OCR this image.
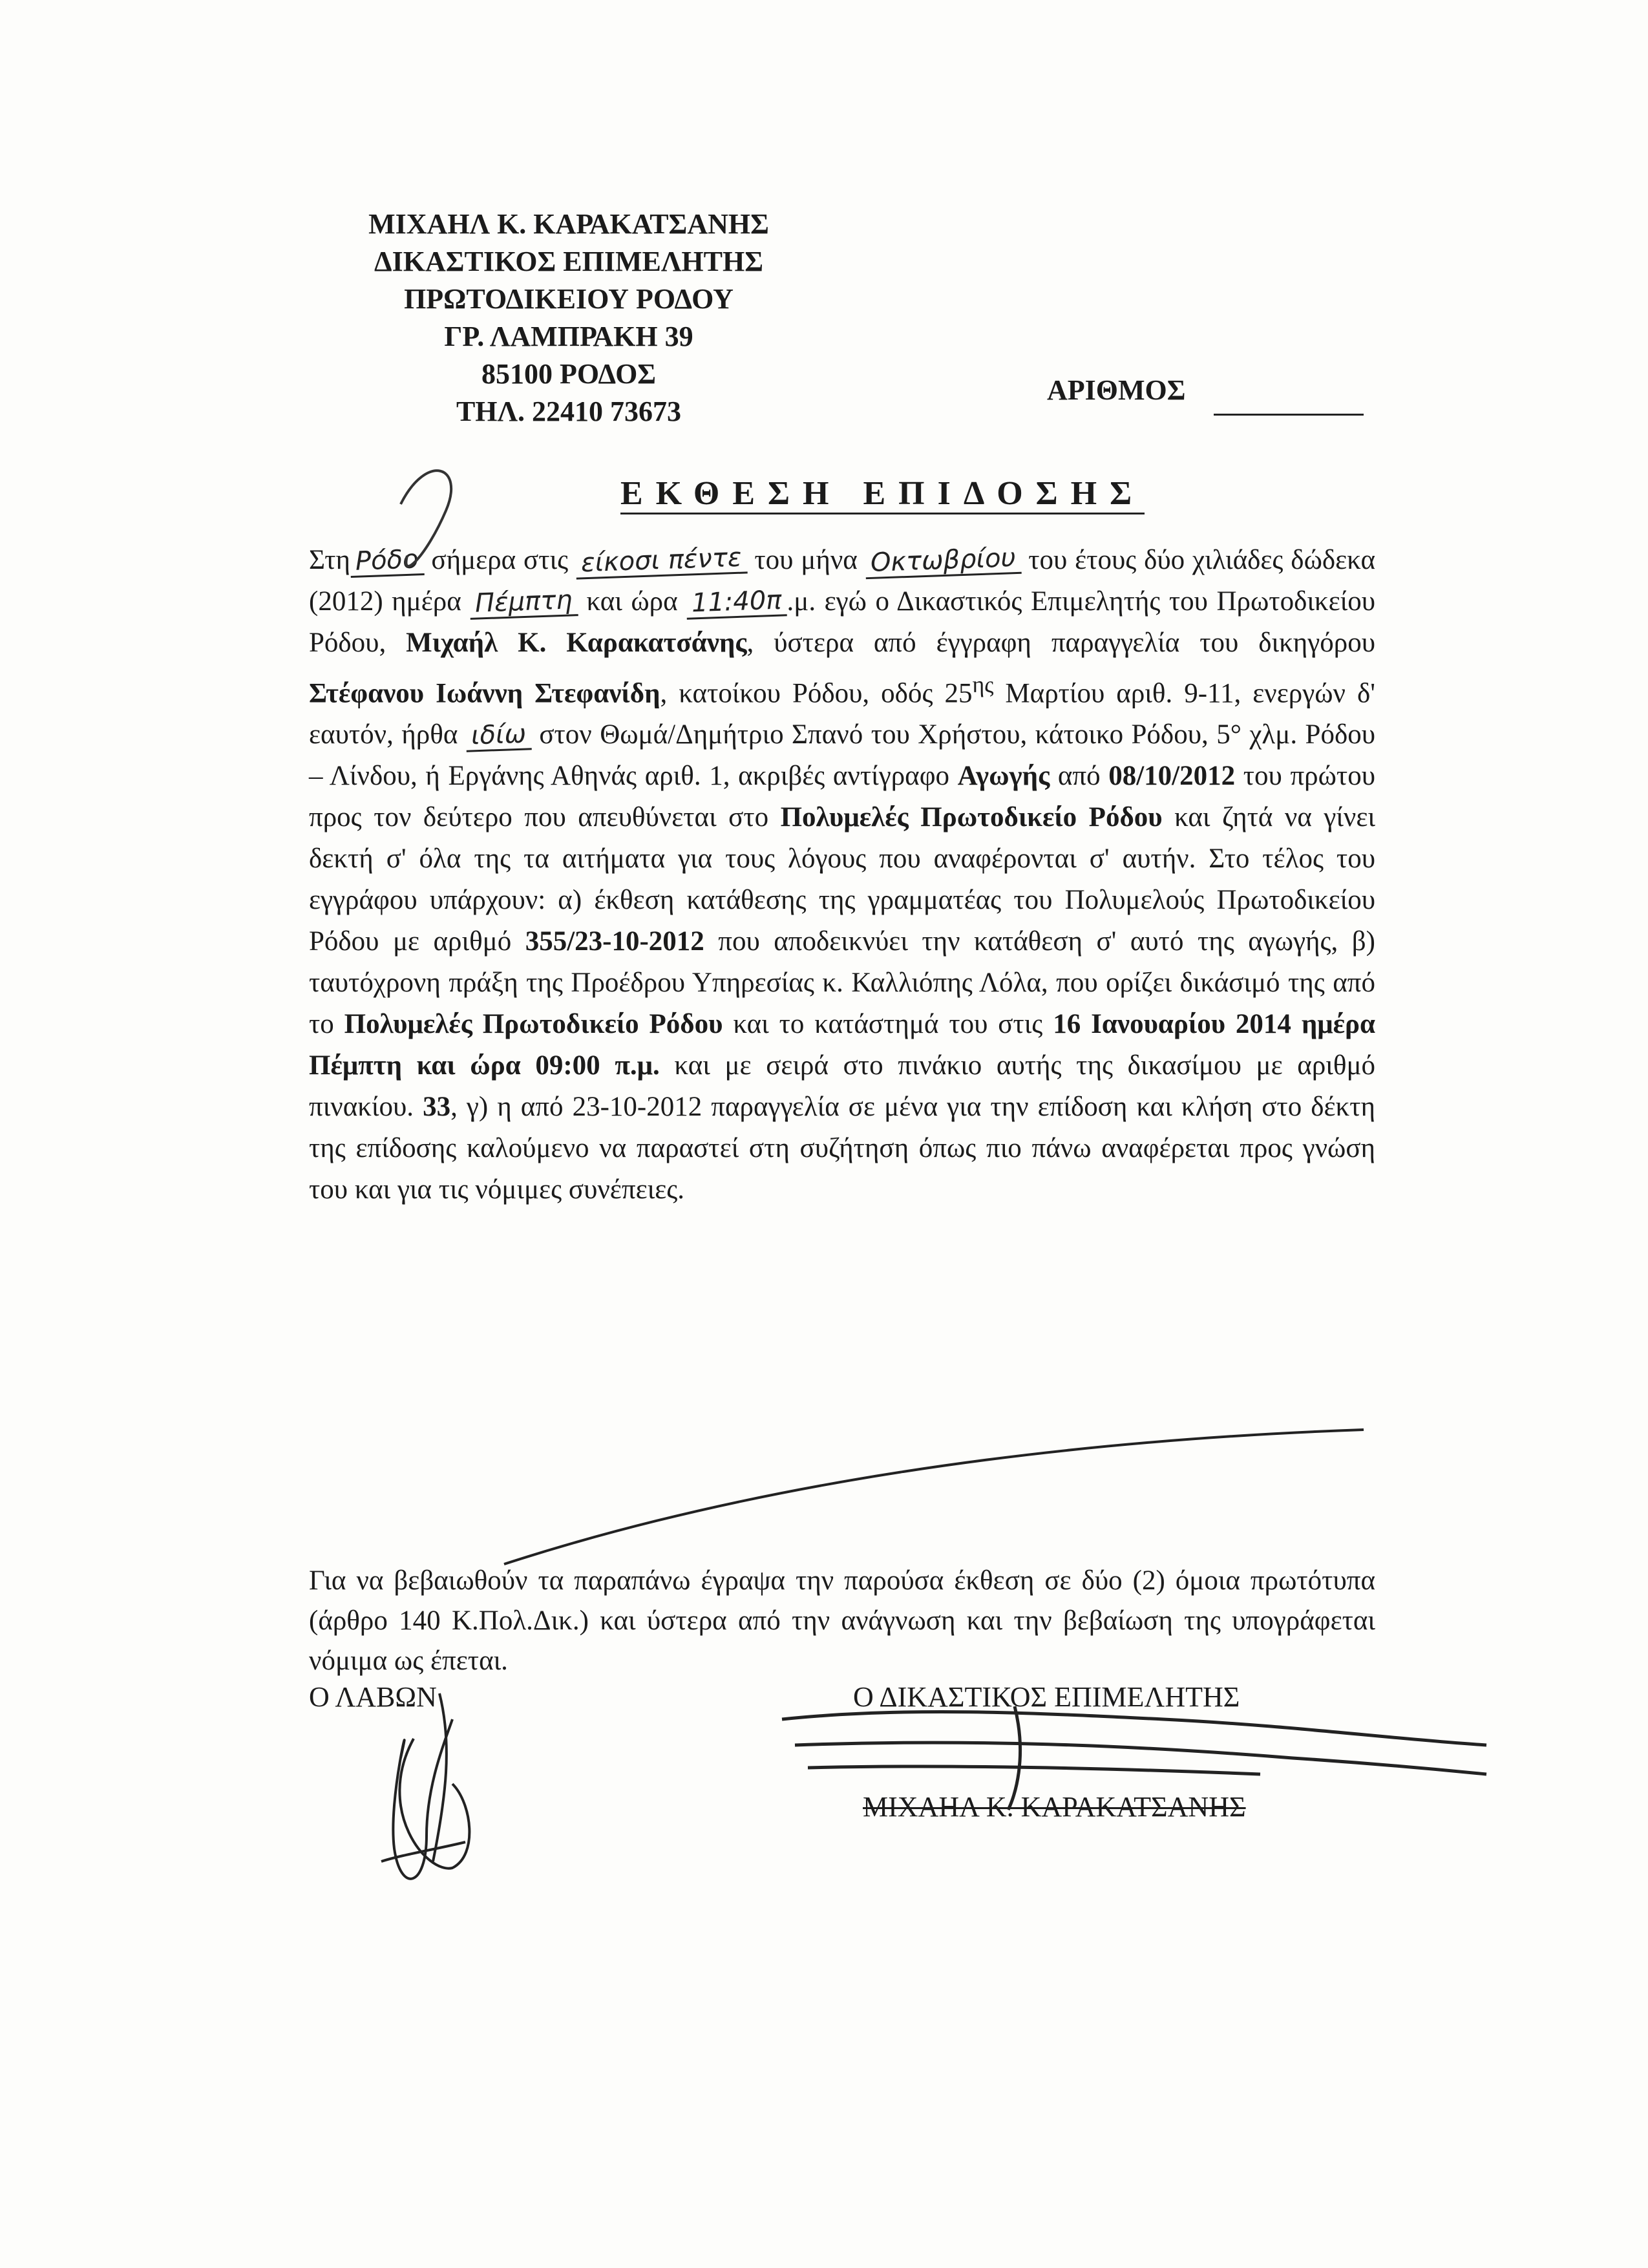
ΜΙΧΑΗΛ Κ. ΚΑΡΑΚΑΤΣΑΝΗΣ
ΔΙΚΑΣΤΙΚΟΣ ΕΠΙΜΕΛΗΤΗΣ
ΠΡΩΤΟΔΙΚΕΙΟΥ ΡΟΔΟΥ
ΓΡ. ΛΑΜΠΡΑΚΗ 39
85100 ΡΟΔΟΣ
ΤΗΛ. 22410 73673
ΑΡΙΘΜΟΣ
ΕΚΘΕΣΗ ΕΠΙΔΟΣΗΣ
Στη Ρόδο σήμερα στις είκοσι πέντε του μήνα Οκτωβρίου του έτους δύο χιλιάδες δώδεκα (2012) ημέρα Πέμπτη και ώρα 11:40π .μ. εγώ ο Δικαστικός Επιμελητής του Πρωτοδικείου Ρόδου, Μιχαήλ Κ. Καρακατσάνης, ύστερα από έγγραφη παραγγελία του δικηγόρου Στέφανου Ιωάννη Στεφανίδη, κατοίκου Ρόδου, οδός $25^{\eta\varsigma}$ Μαρτίου αριθ. 9-11, ενεργών δ' εαυτόν, ήρθα ιδίω στον Θωμά/Δημήτριο Σπανό του Χρήστου, κάτοικο Ρόδου, 5° χλμ. Ρόδου – Λίνδου, ή Εργάνης Αθηνάς αριθ. 1, ακριβές αντίγραφο Αγωγής από 08/10/2012 του πρώτου προς τον δεύτερο που απευθύνεται στο Πολυμελές Πρωτοδικείο Ρόδου και ζητά να γίνει δεκτή σ' όλα της τα αιτήματα για τους λόγους που αναφέρονται σ' αυτήν. Στο τέλος του εγγράφου υπάρχουν: α) έκθεση κατάθεσης της γραμματέας του Πολυμελούς Πρωτοδικείου Ρόδου με αριθμό 355/23-10-2012 που αποδεικνύει την κατάθεση σ' αυτό της αγωγής, β) ταυτόχρονη πράξη της Προέδρου Υπηρεσίας κ. Καλλιόπης Λόλα, που ορίζει δικάσιμό της από το Πολυμελές Πρωτοδικείο Ρόδου και το κατάστημά του στις 16 Ιανουαρίου 2014 ημέρα Πέμπτη και ώρα 09:00 π.μ. και με σειρά στο πινάκιο αυτής της δικασίμου με αριθμό πινακίου. 33, γ) η από 23-10-2012 παραγγελία σε μένα για την επίδοση και κλήση στο δέκτη της επίδοσης καλούμενο να παραστεί στη συζήτηση όπως πιο πάνω αναφέρεται προς γνώση του και για τις νόμιμες συνέπειες.
Για να βεβαιωθούν τα παραπάνω έγραψα την παρούσα έκθεση σε δύο (2) όμοια πρωτότυπα (άρθρο 140 Κ.Πολ.Δικ.) και ύστερα από την ανάγνωση και την βεβαίωση της υπογράφεται νόμιμα ως έπεται.
Ο ΛΑΒΩΝ	Ο ΔΙΚΑΣΤΙΚΟΣ ΕΠΙΜΕΛΗΤΗΣ
ΜΙΧΑΗΛ Κ. ΚΑΡΑΚΑΤΣΑΝΗΣ
